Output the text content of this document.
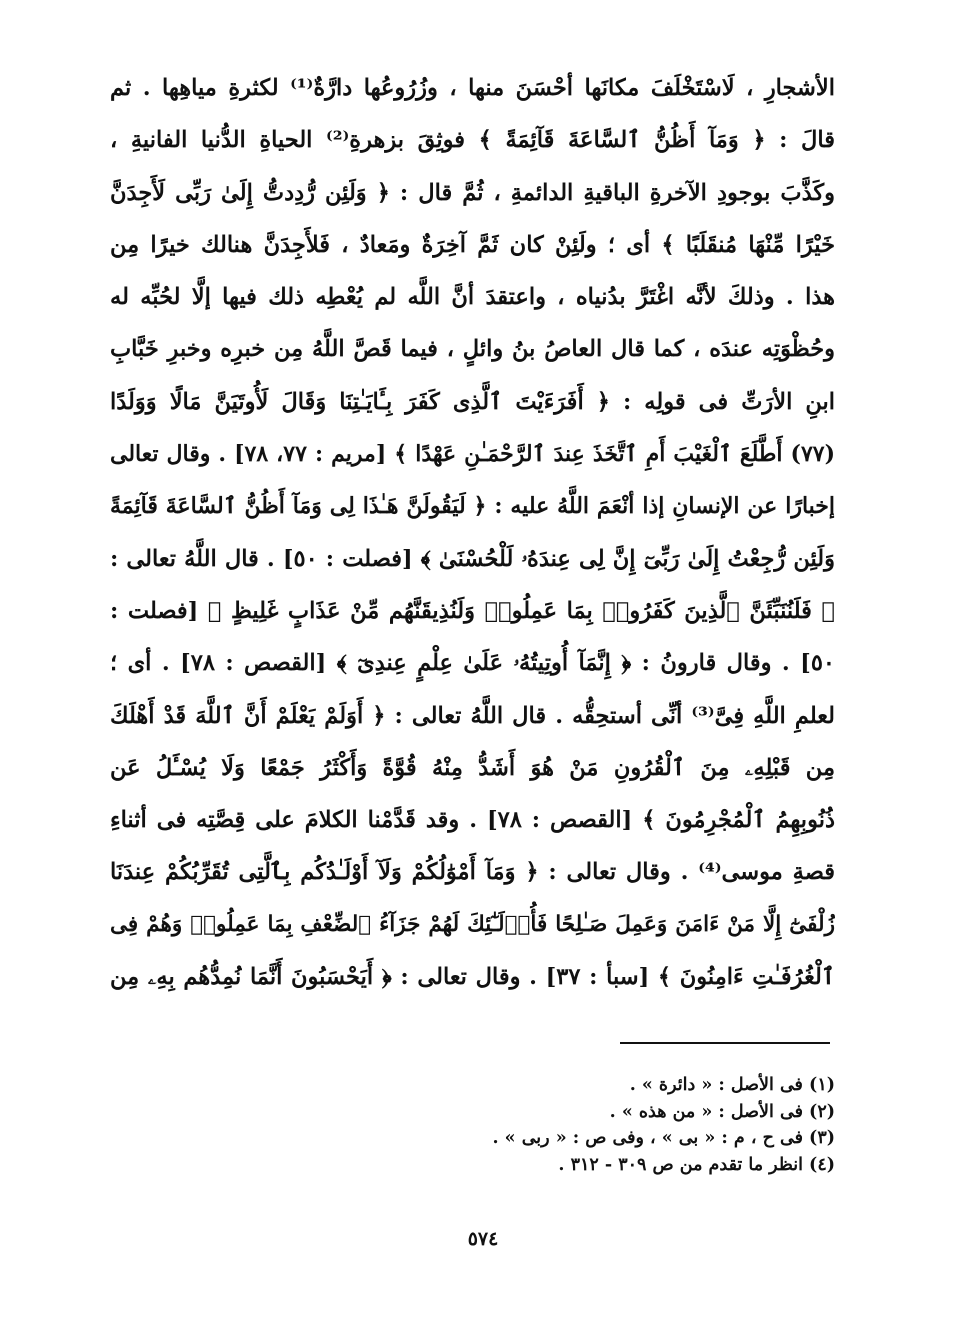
الأشجارِ ، لَاسْتَخْلَفَ مكانَها أحْسَنَ منها ، وزُرُوعُها دارَّةٌ⁽¹⁾ لكثرةِ مياهِها . ثم
قالَ : ﴿ وَمَآ أَظُنُّ ٱلسَّاعَةَ قَآئِمَةً ﴾ فوثِقَ بزهرةِ⁽²⁾ الحياةِ الدُّنيا الفانيةِ ،
وكَذَّبَ بوجودِ الآخرةِ الباقيةِ الدائمةِ ، ثُمَّ قال : ﴿ وَلَئِن رُّدِدتُّ إِلَىٰ رَبِّى لَأَجِدَنَّ
خَيْرًا مِّنْهَا مُنقَلَبًا ﴾ أى ؛ ولَئِنْ كان ثَمَّ آخِرَةٌ ومَعادٌ ، فَلأَجِدَنَّ هنالك خيرًا مِن
هذا . وذلكَ لأنَّه اغْتَرَّ بدُنياه ، واعتقدَ أنَّ اللَّه لم يُعْطِه ذلك فيها إلَّا لحُبِّه له
وحُظْوَتِه عندَه ، كما قال العاصُ بنُ وائلٍ ، فيما قَصَّ اللَّهُ مِن خبرِه وخبرِ خَبَّابِ
ابنِ الأرَتِّ فى قولِه : ﴿ أَفَرَءَيْتَ ٱلَّذِى كَفَرَ بِـَٔايَـٰتِنَا وَقَالَ لَأُوتَيَنَّ مَالًا وَوَلَدًا
(٧٧) أَطَّلَعَ ٱلْغَيْبَ أَمِ ٱتَّخَذَ عِندَ ٱلرَّحْمَـٰنِ عَهْدًا ﴾ [مريم : ٧٧، ٧٨] . وقال تعالى
إخبارًا عن الإنسانِ إذا أنْعَمَ اللَّهُ عليه : ﴿ لَيَقُولَنَّ هَـٰذَا لِى وَمَآ أَظُنُّ ٱلسَّاعَةَ قَآئِمَةً
وَلَئِن رُّجِعْتُ إِلَىٰ رَبِّىٓ إِنَّ لِى عِندَهُۥ لَلْحُسْنَىٰ ﴾ [فصلت : ٥٠] . قال اللَّهُ تعالى :
﴿ فَلَنُنَبِّئَنَّ ٱلَّذِينَ كَفَرُوا۟ بِمَا عَمِلُوا۟ وَلَنُذِيقَنَّهُم مِّنْ عَذَابٍ غَلِيظٍ ﴾ [فصلت :
٥٠] . وقال قارونُ : ﴿ إِنَّمَآ أُوتِيتُهُۥ عَلَىٰ عِلْمٍ عِندِىٓ ﴾ [القصص : ٧٨] . أى ؛
لعلمِ اللَّهِ فِىَّ⁽³⁾ أنِّى أستحِقُّه . قال اللَّهُ تعالى : ﴿ أَوَلَمْ يَعْلَمْ أَنَّ ٱللَّهَ قَدْ أَهْلَكَ
مِن قَبْلِهِۦ مِنَ ٱلْقُرُونِ مَنْ هُوَ أَشَدُّ مِنْهُ قُوَّةً وَأَكْثَرُ جَمْعًا وَلَا يُسْـَٔلُ عَن
ذُنُوبِهِمُ ٱلْمُجْرِمُونَ ﴾ [القصص : ٧٨] . وقد قَدَّمْنا الكلامَ على قِصَّتِه فى أثناءِ
قصةِ موسى⁽⁴⁾ . وقال تعالى : ﴿ وَمَآ أَمْوَٰلُكُمْ وَلَآ أَوْلَـٰدُكُم بِٱلَّتِى تُقَرِّبُكُمْ عِندَنَا
زُلْفَىٰٓ إِلَّا مَنْ ءَامَنَ وَعَمِلَ صَـٰلِحًا فَأُو۟لَـٰٓئِكَ لَهُمْ جَزَآءُ ٱلضِّعْفِ بِمَا عَمِلُوا۟ وَهُمْ فِى
ٱلْغُرُفَـٰتِ ءَامِنُونَ ﴾ [سبأ : ٣٧] . وقال تعالى : ﴿ أَيَحْسَبُونَ أَنَّمَا نُمِدُّهُم بِهِۦ مِن
(١) فى الأصل : « دائرة » .
(٢) فى الأصل : « من هذه » .
(٣) فى ح ، م : « بى » ، وفى ص : « ربى » .
(٤) انظر ما تقدم من ص ٣٠٩ - ٣١٢ .
٥٧٤
